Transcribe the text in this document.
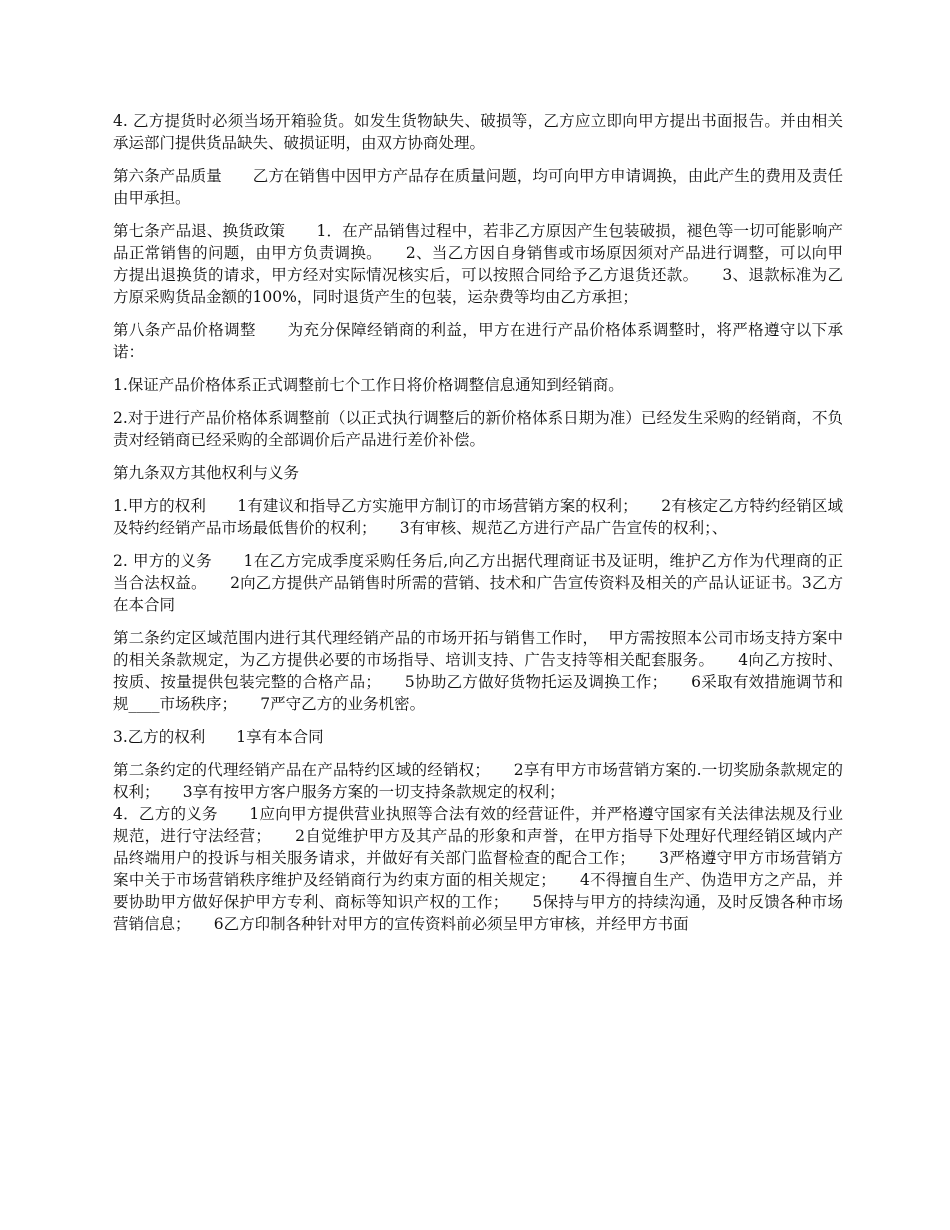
4. 乙方提货时必须当场开箱验货。如发生货物缺失、破损等，乙方应立即向甲方提出书面报告。并由相关承运部门提供货品缺失、破损证明，由双方协商处理。

第六条产品质量　　乙方在销售中因甲方产品存在质量问题，均可向甲方申请调换，由此产生的费用及责任由甲承担。

第七条产品退、换货政策　　1．在产品销售过程中，若非乙方原因产生包装破损，褪色等一切可能影响产品正常销售的问题，由甲方负责调换。　　2、当乙方因自身销售或市场原因须对产品进行调整，可以向甲方提出退换货的请求，甲方经对实际情况核实后，可以按照合同给予乙方退货还款。　　3、退款标准为乙方原采购货品金额的100%，同时退货产生的包装，运杂费等均由乙方承担；

第八条产品价格调整　　为充分保障经销商的利益，甲方在进行产品价格体系调整时，将严格遵守以下承诺：

1.保证产品价格体系正式调整前七个工作日将价格调整信息通知到经销商。

2.对于进行产品价格体系调整前（以正式执行调整后的新价格体系日期为准）已经发生采购的经销商，不负责对经销商已经采购的全部调价后产品进行差价补偿。

第九条双方其他权利与义务

1.甲方的权利　　1有建议和指导乙方实施甲方制订的市场营销方案的权利；　　2有核定乙方特约经销区域及特约经销产品市场最低售价的权利；　　3有审核、规范乙方进行产品广告宣传的权利；、

2. 甲方的义务　　1在乙方完成季度采购任务后,向乙方出据代理商证书及证明，维护乙方作为代理商的正当合法权益。　　2向乙方提供产品销售时所需的营销、技术和广告宣传资料及相关的产品认证证书。3乙方在本合同

第二条约定区域范围内进行其代理经销产品的市场开拓与销售工作时，  甲方需按照本公司市场支持方案中的相关条款规定，为乙方提供必要的市场指导、培训支持、广告支持等相关配套服务。　　4向乙方按时、按质、按量提供包装完整的合格产品；　　5协助乙方做好货物托运及调换工作；　　6采取有效措施调节和规____市场秩序；　　7严守乙方的业务机密。

3.乙方的权利　　1享有本合同

第二条约定的代理经销产品在产品特约区域的经销权；　　2享有甲方市场营销方案的.一切奖励条款规定的权利；　　3享有按甲方客户服务方案的一切支持条款规定的权利；

4．乙方的义务　　1应向甲方提供营业执照等合法有效的经营证件，并严格遵守国家有关法律法规及行业规范，进行守法经营；　　2自觉维护甲方及其产品的形象和声誉，在甲方指导下处理好代理经销区域内产品终端用户的投诉与相关服务请求，并做好有关部门监督检查的配合工作；　　3严格遵守甲方市场营销方案中关于市场营销秩序维护及经销商行为约束方面的相关规定；　　4不得擅自生产、伪造甲方之产品，并要协助甲方做好保护甲方专利、商标等知识产权的工作；　　5保持与甲方的持续沟通，及时反馈各种市场营销信息；　　6乙方印制各种针对甲方的宣传资料前必须呈甲方审核，并经甲方书面
